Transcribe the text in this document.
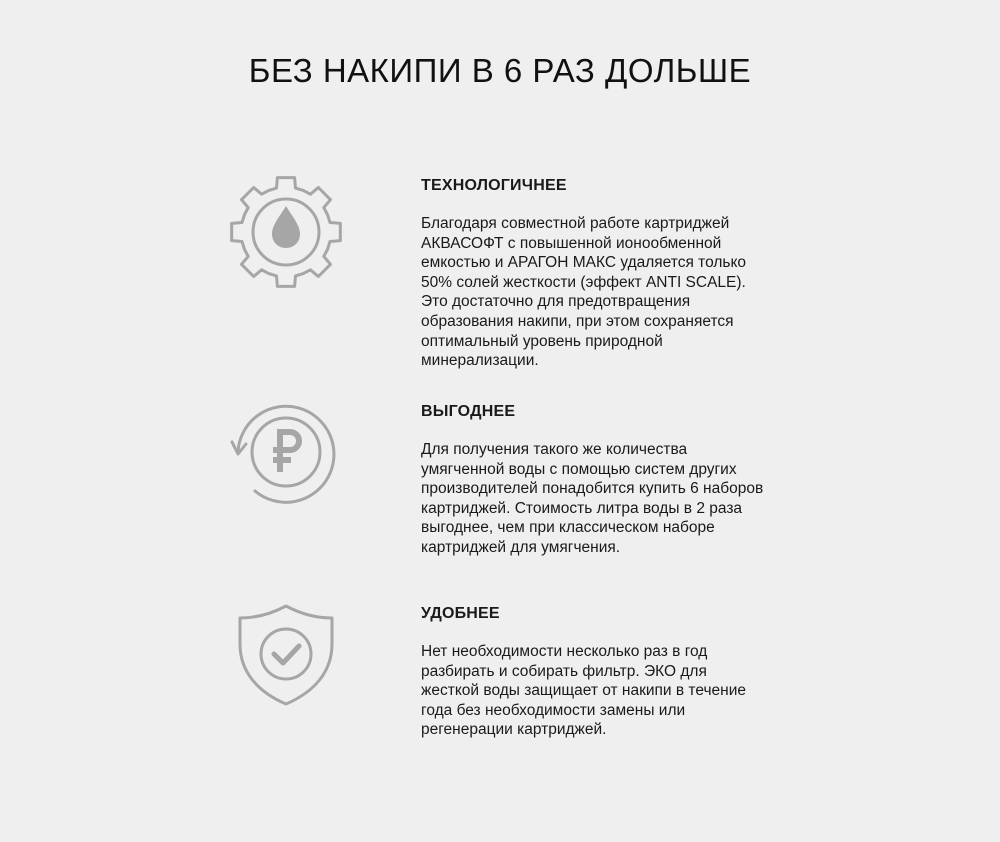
БЕЗ НАКИПИ В 6 РАЗ ДОЛЬШЕ
ТЕХНОЛОГИЧНЕЕ

Благодаря совместной работе картриджей
АКВАСОФТ с повышенной ионообменной
емкостью и АРАГОН МАКС удаляется только
50% солей жесткости (эффект ANTI SCALE).
Это достаточно для предотвращения
образования накипи, при этом сохраняется
оптимальный уровень природной
минерализации.

ВЫГОДНЕЕ

Для получения такого же количества
умягченной воды с помощью систем других
производителей понадобится купить 6 наборов
картриджей. Стоимость литра воды в 2 раза
выгоднее, чем при классическом наборе
картриджей для умягчения.

УДОБНЕЕ

Нет необходимости несколько раз в год
разбирать и собирать фильтр. ЭКО для
жесткой воды защищает от накипи в течение
года без необходимости замены или
регенерации картриджей.
